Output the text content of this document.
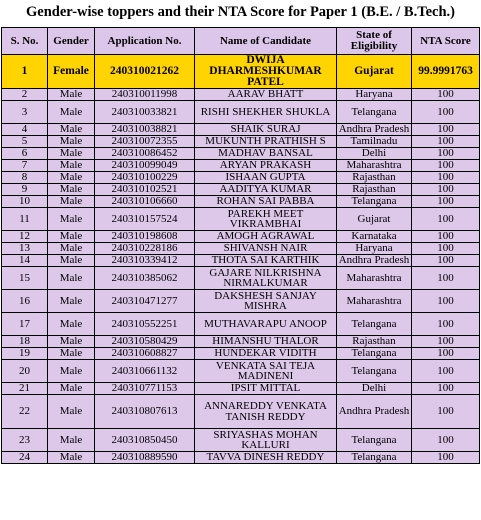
Gender-wise toppers and their NTA Score for Paper 1 (B.E. / B.Tech.)
S. No.	Gender	Application No.	Name of Candidate	State of Eligibility	NTA Score
1	Female	240310021262	DWIJA DHARMESHKUMAR PATEL	Gujarat	99.9991763
2	Male	240310011998	AARAV BHATT	Haryana	100
3	Male	240310033821	RISHI SHEKHER SHUKLA	Telangana	100
4	Male	240310038821	SHAIK SURAJ	Andhra Pradesh	100
5	Male	240310072355	MUKUNTH PRATHISH S	Tamilnadu	100
6	Male	240310086452	MADHAV BANSAL	Delhi	100
7	Male	240310099049	ARYAN PRAKASH	Maharashtra	100
8	Male	240310100229	ISHAAN GUPTA	Rajasthan	100
9	Male	240310102521	AADITYA KUMAR	Rajasthan	100
10	Male	240310106660	ROHAN SAI PABBA	Telangana	100
11	Male	240310157524	PAREKH MEET VIKRAMBHAI	Gujarat	100
12	Male	240310198608	AMOGH AGRAWAL	Karnataka	100
13	Male	240310228186	SHIVANSH NAIR	Haryana	100
14	Male	240310339412	THOTA SAI KARTHIK	Andhra Pradesh	100
15	Male	240310385062	GAJARE NILKRISHNA NIRMALKUMAR	Maharashtra	100
16	Male	240310471277	DAKSHESH SANJAY MISHRA	Maharashtra	100
17	Male	240310552251	MUTHAVARAPU ANOOP	Telangana	100
18	Male	240310580429	HIMANSHU THALOR	Rajasthan	100
19	Male	240310608827	HUNDEKAR VIDITH	Telangana	100
20	Male	240310661132	VENKATA SAI TEJA MADINENI	Telangana	100
21	Male	240310771153	IPSIT MITTAL	Delhi	100
22	Male	240310807613	ANNAREDDY VENKATA TANISH REDDY	Andhra Pradesh	100
23	Male	240310850450	SRIYASHAS MOHAN KALLURI	Telangana	100
24	Male	240310889590	TAVVA DINESH REDDY	Telangana	100
